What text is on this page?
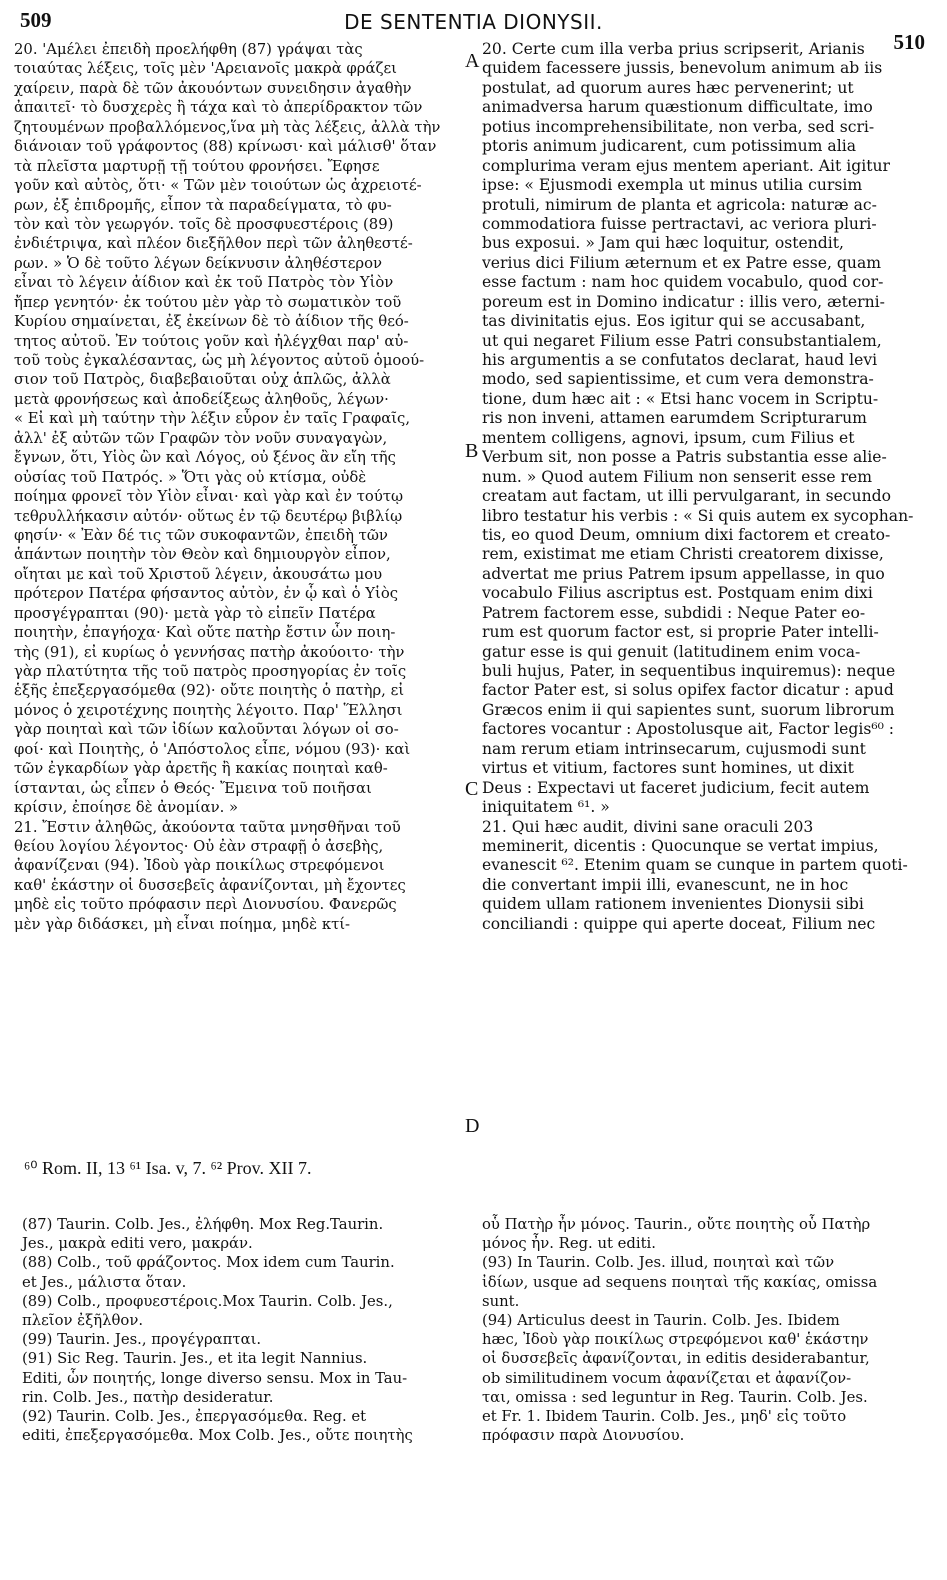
509	DE SENTENTIA DIONYSII.
510
20. 'Αμέλει ἐπειδὴ προελήφθη (87) γράψαι τὰς
τοιαύτας λέξεις, τοῖς μὲν 'Αρειανοῖς μακρὰ φράζει
χαίρειν, παρὰ δὲ τῶν ἀκουόντων συνειδησιν ἀγαθὴν
ἀπαιτεῖ· τὸ δυσχερὲς ἢ τάχα καὶ τὸ ἀπερίδρακτον τῶν
ζητουμένων προβαλλόμενος,ἵνα μὴ τὰς λέξεις, ἀλλὰ τὴν
διάνοιαν τοῦ γράφοντος (88) κρίνωσι· καὶ μάλισθ' ὅταν
τὰ πλεῖστα μαρτυρῇ τῇ τούτου φρονήσει. Ἔφησε
γοῦν καὶ αὐτὸς, ὅτι· « Τῶν μὲν τοιούτων ὡς ἀχρειοτέ-
ρων, ἐξ ἐπιδρομῆς, εἶπον τὰ παραδείγματα, τὸ φυ-
τὸν καὶ τὸν γεωργόν. τοῖς δὲ προσφυεστέροις (89)
ἐνδιέτριψα, καὶ πλέον διεξῆλθον περὶ τῶν ἀληθεστέ-
ρων. » Ὁ δὲ τοῦτο λέγων δείκνυσιν ἀληθέστερον
εἶναι τὸ λέγειν ἀίδιον καὶ ἐκ τοῦ Πατρὸς τὸν Υἱὸν
ἤπερ γενητόν· ἐκ τούτου μὲν γὰρ τὸ σωματικὸν τοῦ
Κυρίου σημαίνεται, ἐξ ἐκείνων δὲ τὸ ἀίδιον τῆς θεό-
τητος αὐτοῦ. Ἐν τούτοις γοῦν καὶ ἠλέγχθαι παρ' αὐ-
τοῦ τοὺς ἐγκαλέσαντας, ὡς μὴ λέγοντος αὐτοῦ ὁμοού-
σιον τοῦ Πατρὸς, διαβεβαιοῦται οὐχ ἁπλῶς, ἀλλὰ
μετὰ φρονήσεως καὶ ἀποδείξεως ἀληθοῦς, λέγων·
« Εἰ καὶ μὴ ταύτην τὴν λέξιν εὗρον ἐν ταῖς Γραφαῖς,
ἀλλ' ἐξ αὐτῶν τῶν Γραφῶν τὸν νοῦν συναγαγὼν,
ἔγνων, ὅτι, Υἱὸς ὢν καὶ Λόγος, οὐ ξένος ἂν εἴη τῆς
οὐσίας τοῦ Πατρός. » Ὅτι γὰς οὐ κτίσμα, οὐδὲ
ποίημα φρονεῖ τὸν Υἱὸν εἶναι· καὶ γὰρ καὶ ἐν τούτῳ
τεθρυλλήκασιν αὐτόν· οὕτως ἐν τῷ δευτέρῳ βιβλίῳ
φησίν· « Ἐὰν δέ τις τῶν συκοφαντῶν, ἐπειδὴ τῶν
ἁπάντων ποιητὴν τὸν Θεὸν καὶ δημιουργὸν εἶπον,
οἴηται με καὶ τοῦ Χριστοῦ λέγειν, ἀκουσάτω μου
πρότερον Πατέρα φήσαντος αὐτὸν, ἐν ᾧ καὶ ὁ Υἱὸς
προσγέγραπται (90)· μετὰ γὰρ τὸ εἰπεῖν Πατέρα
ποιητὴν, ἐπαγήοχα· Καὶ οὔτε πατὴρ ἔστιν ὧν ποιη-
τὴς (91), εἰ κυρίως ὁ γεννήσας πατὴρ ἀκούοιτο· τὴν
γὰρ πλατύτητα τῆς τοῦ πατρὸς προσηγορίας ἐν τοῖς
ἑξῆς ἐπεξεργασόμεθα (92)· οὔτε ποιητὴς ὁ πατὴρ, εἰ
μόνος ὁ χειροτέχνης ποιητὴς λέγοιτο. Παρ' Ἕλλησι
γὰρ ποιηταὶ καὶ τῶν ἰδίων καλοῦνται λόγων οἱ σο-
φοί· καὶ Ποιητὴς, ὁ 'Απόστολος εἶπε, νόμου (93)· καὶ
τῶν ἐγκαρδίων γὰρ ἀρετῆς ἢ κακίας ποιηταὶ καθ-
ίστανται, ὡς εἶπεν ὁ Θεός· Ἔμεινα τοῦ ποιῆσαι
κρίσιν, ἐποίησε δὲ ἀνομίαν. »
21. Ἔστιν ἀληθῶς, ἀκούοντα ταῦτα μνησθῆναι τοῦ
θείου λογίου λέγοντος· Οὐ ἐὰν στραφῇ ὁ ἀσεβὴς,
ἀφανίζεναι (94). Ἰδοὺ γὰρ ποικίλως στρεφόμενοι
καθ' ἑκάστην οἱ δυσσεβεῖς ἀφανίζονται, μὴ ἔχοντες
μηδὲ εἰς τοῦτο πρόφασιν περὶ Διονυσίου. Φανερῶς
μὲν γὰρ διδάσκει, μὴ εἶναι ποίημα, μηδὲ κτί-
20. Certe cum illa verba prius scripserit, Arianis
quidem facessere jussis, benevolum animum ab iis
postulat, ad quorum aures hæc pervenerint; ut
animadversa harum quæstionum difficultate, imo
potius incomprehensibilitate, non verba, sed scri-
ptoris animum judicarent, cum potissimum alia
complurima veram ejus mentem aperiant. Ait igitur
ipse: « Ejusmodi exempla ut minus utilia cursim
protuli, nimirum de planta et agricola: naturæ ac-
commodatiora fuisse pertractavi, ac veriora pluri-
bus exposui. » Jam qui hæc loquitur, ostendit,
verius dici Filium æternum et ex Patre esse, quam
esse factum : nam hoc quidem vocabulo, quod cor-
poreum est in Domino indicatur : illis vero, æterni-
tas divinitatis ejus. Eos igitur qui se accusabant,
ut qui negaret Filium esse Patri consubstantialem,
his argumentis a se confutatos declarat, haud levi
modo, sed sapientissime, et cum vera demonstra-
tione, dum hæc ait : « Etsi hanc vocem in Scriptu-
ris non inveni, attamen earumdem Scripturarum
mentem colligens, agnovi, ipsum, cum Filius et
Verbum sit, non posse a Patris substantia esse alie-
num. » Quod autem Filium non senserit esse rem
creatam aut factam, ut illi pervulgarant, in secundo
libro testatur his verbis : « Si quis autem ex sycophan-
tis, eo quod Deum, omnium dixi factorem et creato-
rem, existimat me etiam Christi creatorem dixisse,
advertat me prius Patrem ipsum appellasse, in quo
vocabulo Filius ascriptus est. Postquam enim dixi
Patrem factorem esse, subdidi : Neque Pater eo-
rum est quorum factor est, si proprie Pater intelli-
gatur esse is qui genuit (latitudinem enim voca-
buli hujus, Pater, in sequentibus inquiremus): neque
factor Pater est, si solus opifex factor dicatur : apud
Græcos enim ii qui sapientes sunt, suorum librorum
factores vocantur : Apostolusque ait, Factor legis⁶⁰ :
nam rerum etiam intrinsecarum, cujusmodi sunt
virtus et vitium, factores sunt homines, ut dixit
Deus : Expectavi ut faceret judicium, fecit autem
iniquitatem ⁶¹. »
21. Qui hæc audit, divini sane oraculi 203
meminerit, dicentis : Quocunque se vertat impius,
evanescit ⁶². Etenim quam se cunque in partem quoti-
die convertant impii illi, evanescunt, ne in hoc
quidem ullam rationem invenientes Dionysii sibi
conciliandi : quippe qui aperte doceat, Filium nec
A
B
C
D
⁶⁰ Rom. II, 13 ⁶¹ Isa. v, 7. ⁶² Prov. XII 7.
(87) Taurin. Colb. Jes., ἐλήφθη. Mox Reg.Taurin.
Jes., μακρὰ editi vero, μακράν.
(88) Colb., τοῦ φράζοντος. Mox idem cum Taurin.
et Jes., μάλιστα ὅταν.
(89) Colb., προφυεστέροις.Mox Taurin. Colb. Jes.,
πλεῖον ἐξῆλθον.
(99) Taurin. Jes., προγέγραπται.
(91) Sic Reg. Taurin. Jes., et ita legit Nannius.
Editi, ὧν ποιητής, longe diverso sensu. Mox in Tau-
rin. Colb. Jes., πατὴρ desideratur.
(92) Taurin. Colb. Jes., ἐπεργασόμεθα. Reg. et
editi, ἐπεξεργασόμεθα. Mox Colb. Jes., οὔτε ποιητὴς
οὗ Πατὴρ ἦν μόνος. Taurin., οὔτε ποιητὴς οὗ Πατὴρ
μόνος ἦν. Reg. ut editi.
(93) In Taurin. Colb. Jes. illud, ποιηταὶ καὶ τῶν
ἰδίων, usque ad sequens ποιηταὶ τῆς κακίας, omissa
sunt.
(94) Articulus deest in Taurin. Colb. Jes. Ibidem
hæc, Ἰδοὺ γὰρ ποικίλως στρεφόμενοι καθ' ἑκάστην
οἱ δυσσεβεῖς ἀφανίζονται, in editis desiderabantur,
ob similitudinem vocum ἀφανίζεται et ἀφανίζον-
ται, omissa : sed leguntur in Reg. Taurin. Colb. Jes.
et Fr. 1. Ibidem Taurin. Colb. Jes., μηδ' εἰς τοῦτο
πρόφασιν παρὰ Διονυσίου.
